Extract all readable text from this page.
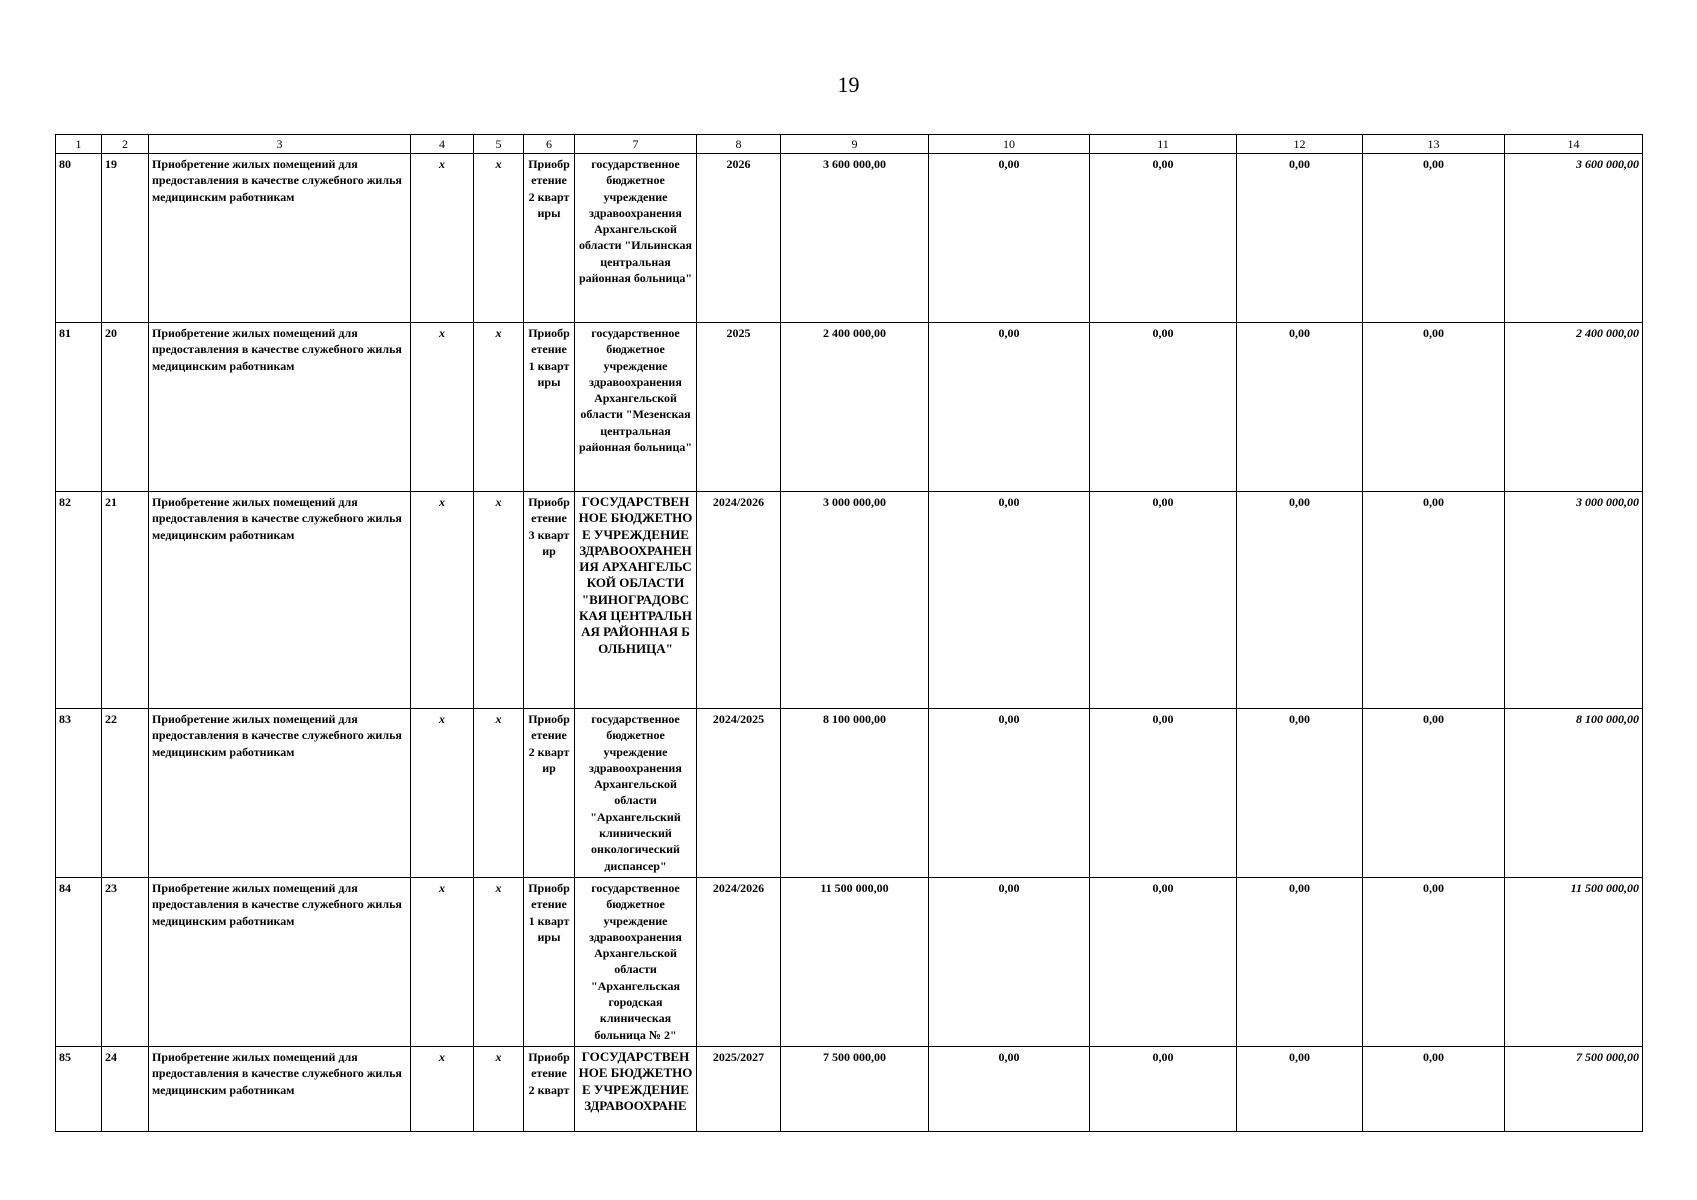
19
1	2	3	4	5	6	7	8	9	10	11	12	13	14
80	19	Приобретение жилых помещений для предоставления в качестве служебного жилья медицинским работникам	х	х	Приобретение 2 квартиры	государственное бюджетное учреждение здравоохранения Архангельской области "Ильинская центральная районная больница"	2026	3 600 000,00	0,00	0,00	0,00	0,00	3 600 000,00
81	20	Приобретение жилых помещений для предоставления в качестве служебного жилья медицинским работникам	х	х	Приобретение 1 квартиры	государственное бюджетное учреждение здравоохранения Архангельской области "Мезенская центральная районная больница"	2025	2 400 000,00	0,00	0,00	0,00	0,00	2 400 000,00
82	21	Приобретение жилых помещений для предоставления в качестве служебного жилья медицинским работникам	х	х	Приобретение 3 квартир	ГОСУДАРСТВЕННОЕ БЮДЖЕТНОЕ УЧРЕЖДЕНИЕ ЗДРАВООХРАНЕНИЯ АРХАНГЕЛЬСКОЙ ОБЛАСТИ "ВИНОГРАДОВСКАЯ ЦЕНТРАЛЬНАЯ РАЙОННАЯ БОЛЬНИЦА"	2024/2026	3 000 000,00	0,00	0,00	0,00	0,00	3 000 000,00
83	22	Приобретение жилых помещений для предоставления в качестве служебного жилья медицинским работникам	х	х	Приобретение 2 квартир	государственное бюджетное учреждение здравоохранения Архангельской области "Архангельский клинический онкологический диспансер"	2024/2025	8 100 000,00	0,00	0,00	0,00	0,00	8 100 000,00
84	23	Приобретение жилых помещений для предоставления в качестве служебного жилья медицинским работникам	х	х	Приобретение 1 квартиры	государственное бюджетное учреждение здравоохранения Архангельской области "Архангельская городская клиническая больница № 2"	2024/2026	11 500 000,00	0,00	0,00	0,00	0,00	11 500 000,00
85	24	Приобретение жилых помещений для предоставления в качестве служебного жилья медицинским работникам	х	х	Приобретение 2 кварт	ГОСУДАРСТВЕННОЕ БЮДЖЕТНОЕ УЧРЕЖДЕНИЕ ЗДРАВООХРАНЕ	2025/2027	7 500 000,00	0,00	0,00	0,00	0,00	7 500 000,00
